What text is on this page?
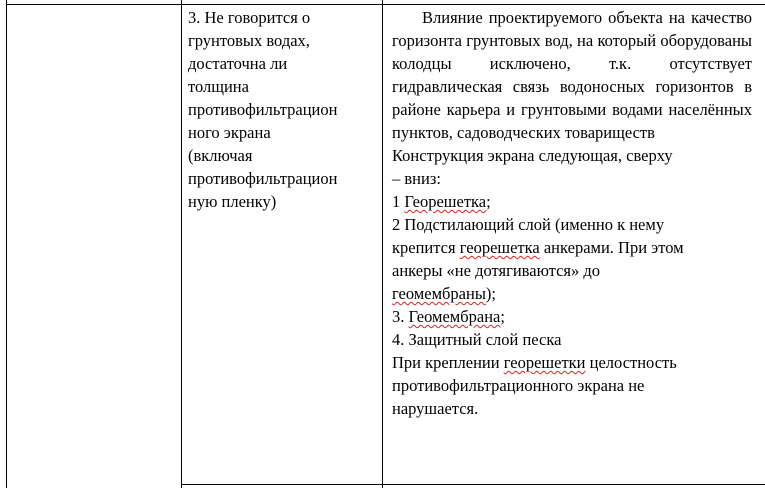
3. Не говорится о
грунтовых водах,
достаточна ли
толщина
противофильтрацион
ного экрана
(включая
противофильтрацион
ную пленку)

Влияние проектируемого объекта на качество горизонта грунтовых вод, на который оборудованы колодцы исключено, т.к. отсутствует гидравлическая связь водоносных горизонтов в районе карьера и грунтовыми водами населённых пунктов, садоводческих товариществ

Конструкция экрана следующая, сверху
– вниз:
1 Георешетка;
2 Подстилающий слой (именно к нему
крепится георешетка анкерами. При этом
анкеры «не дотягиваются» до
геомембраны);
3. Геомембрана;
4. Защитный слой песка
При креплении георешетки целостность
противофильтрационного экрана не
нарушается.
